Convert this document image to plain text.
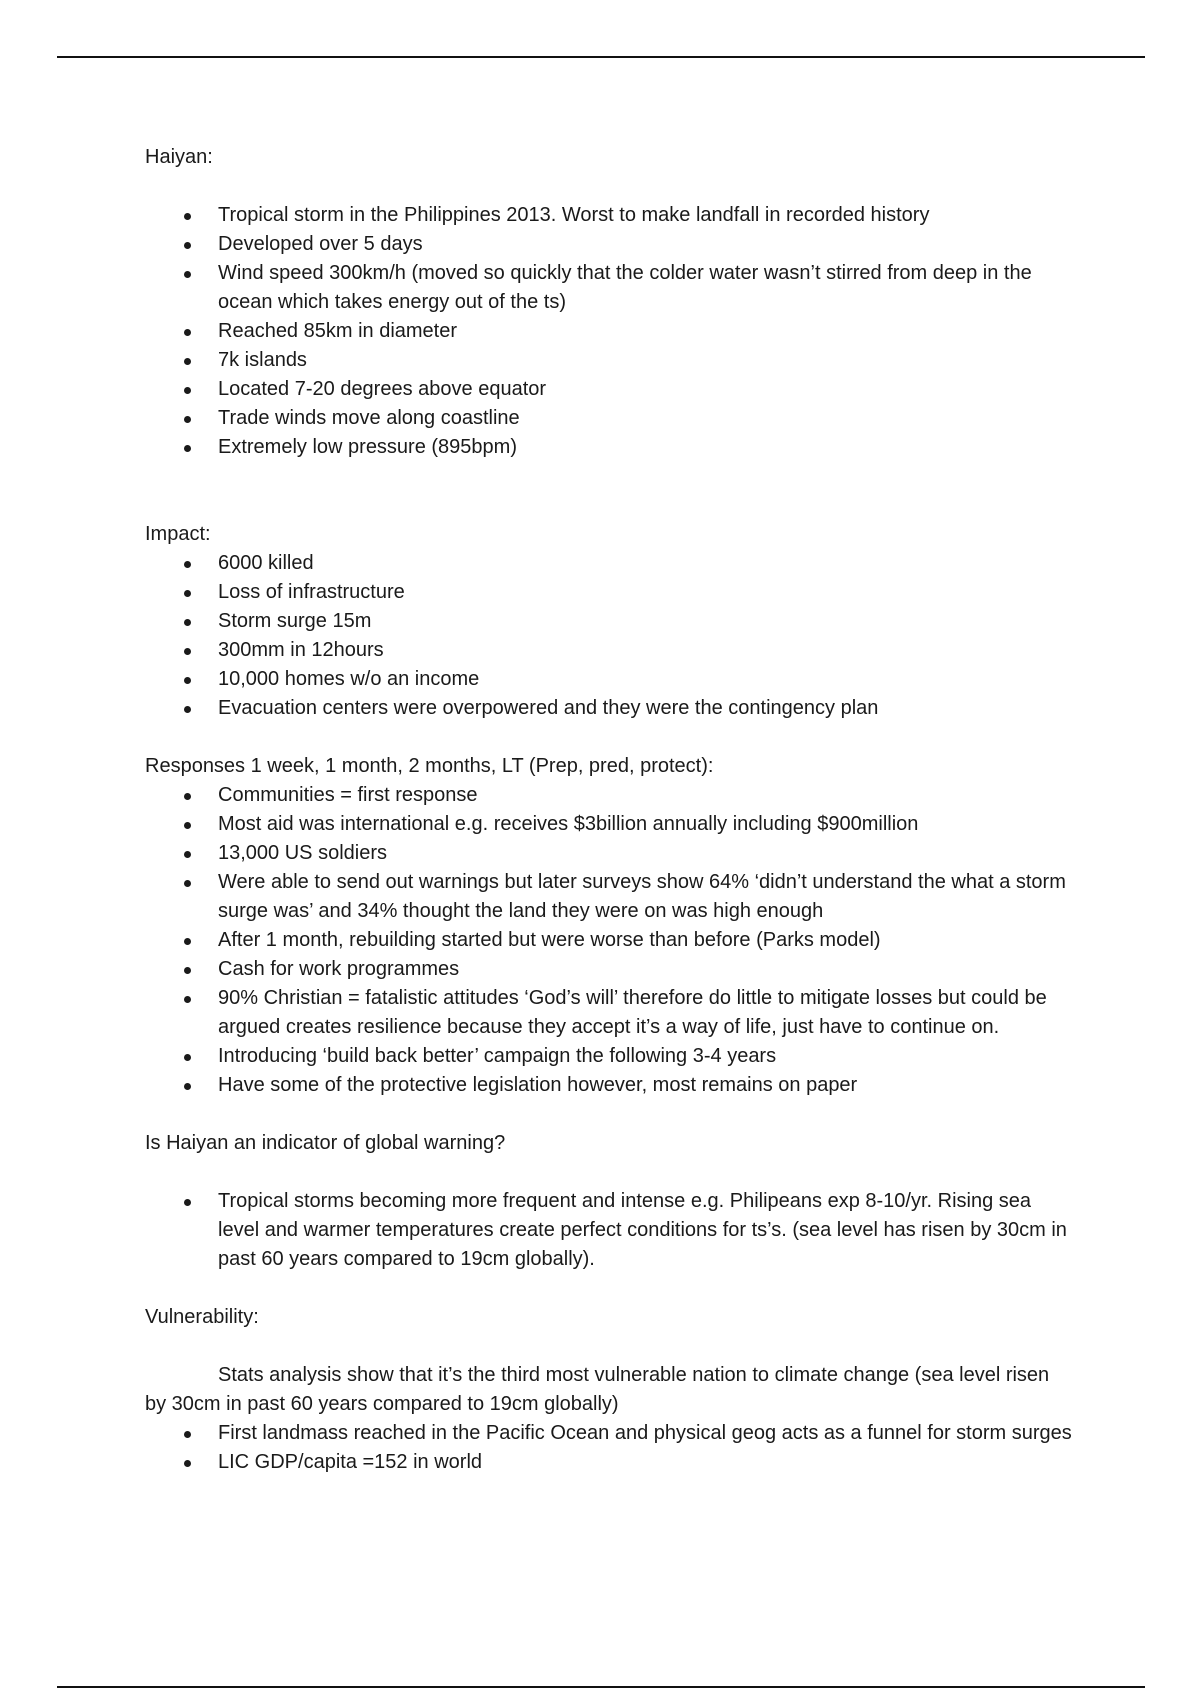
Haiyan:

Tropical storm in the Philippines 2013. Worst to make landfall in recorded history
Developed over 5 days
Wind speed 300km/h (moved so quickly that the colder water wasn’t stirred from deep in the ocean which takes energy out of the ts)
Reached 85km in diameter
7k islands
Located 7-20 degrees above equator
Trade winds move along coastline
Extremely low pressure (895bpm)

Impact:

6000 killed
Loss of infrastructure
Storm surge 15m
300mm in 12hours
10,000 homes w/o an income
Evacuation centers were overpowered and they were the contingency plan

Responses 1 week, 1 month, 2 months, LT (Prep, pred, protect):

Communities = first response
Most aid was international e.g. receives $3billion annually including $900million
13,000 US soldiers
Were able to send out warnings but later surveys show 64% ‘didn’t understand the what a storm surge was’ and 34% thought the land they were on was high enough
After 1 month, rebuilding started but were worse than before (Parks model)
Cash for work programmes
90% Christian = fatalistic attitudes ‘God’s will’ therefore do little to mitigate losses but could be argued creates resilience because they accept it’s a way of life, just have to continue on.
Introducing ‘build back better’ campaign the following 3-4 years
Have some of the protective legislation however, most remains on paper

Is Haiyan an indicator of global warning?

Tropical storms becoming more frequent and intense e.g. Philipeans exp 8-10/yr. Rising sea level and warmer temperatures create perfect conditions for ts’s. (sea level has risen by 30cm in past 60 years compared to 19cm globally).

Vulnerability:

Stats analysis show that it’s the third most vulnerable nation to climate change (sea level risen by 30cm in past 60 years compared to 19cm globally)

First landmass reached in the Pacific Ocean and physical geog acts as a funnel for storm surges
LIC GDP/capita =152 in world
